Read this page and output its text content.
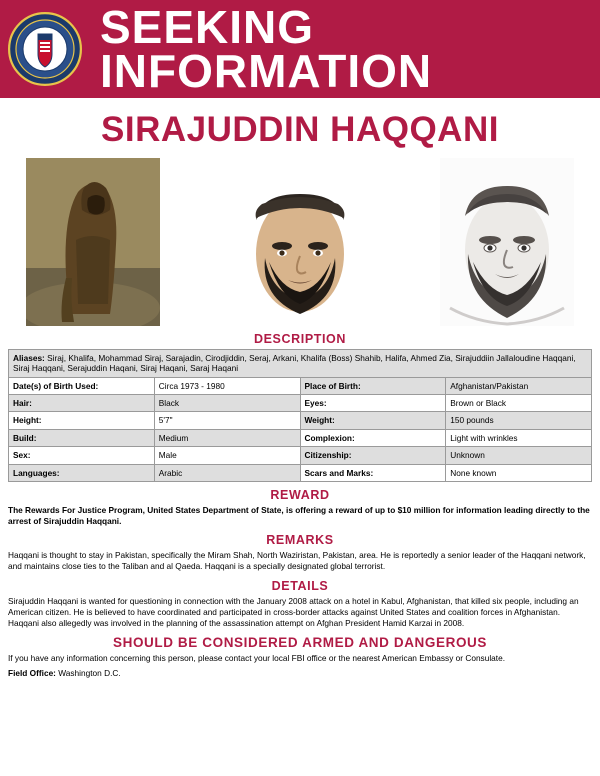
SEEKING
INFORMATION
SIRAJUDDIN HAQQANI
DESCRIPTION
Aliases: Siraj, Khalifa, Mohammad Siraj, Sarajadin, Cirodjiddin, Seraj, Arkani, Khalifa (Boss) Shahib, Halifa, Ahmed Zia, Sirajuddiin Jallaloudine Haqqani, Siraj Haqqani, Serajuddin Haqani, Siraj Haqani, Saraj Haqani			
Date(s) of Birth Used:	Circa 1973 - 1980	Place of Birth:	Afghanistan/Pakistan
Hair:	Black	Eyes:	Brown or Black
Height:	5'7"	Weight:	150 pounds
Build:	Medium	Complexion:	Light with wrinkles
Sex:	Male	Citizenship:	Unknown
Languages:	Arabic	Scars and Marks:	None known
REWARD

The Rewards For Justice Program, United States Department of State, is offering a reward of up to $10 million for information leading directly to the arrest of Sirajuddin Haqqani.

REMARKS

Haqqani is thought to stay in Pakistan, specifically the Miram Shah, North Waziristan, Pakistan, area. He is reportedly a senior leader of the Haqqani network, and maintains close ties to the Taliban and al Qaeda. Haqqani is a specially designated global terrorist.

DETAILS

Sirajuddin Haqqani is wanted for questioning in connection with the January 2008 attack on a hotel in Kabul, Afghanistan, that killed six people, including an American citizen. He is believed to have coordinated and participated in cross-border attacks against United States and coalition forces in Afghanistan. Haqqani also allegedly was involved in the planning of the assassination attempt on Afghan President Hamid Karzai in 2008.

SHOULD BE CONSIDERED ARMED AND DANGEROUS

If you have any information concerning this person, please contact your local FBI office or the nearest American Embassy or Consulate.

Field Office: Washington D.C.
